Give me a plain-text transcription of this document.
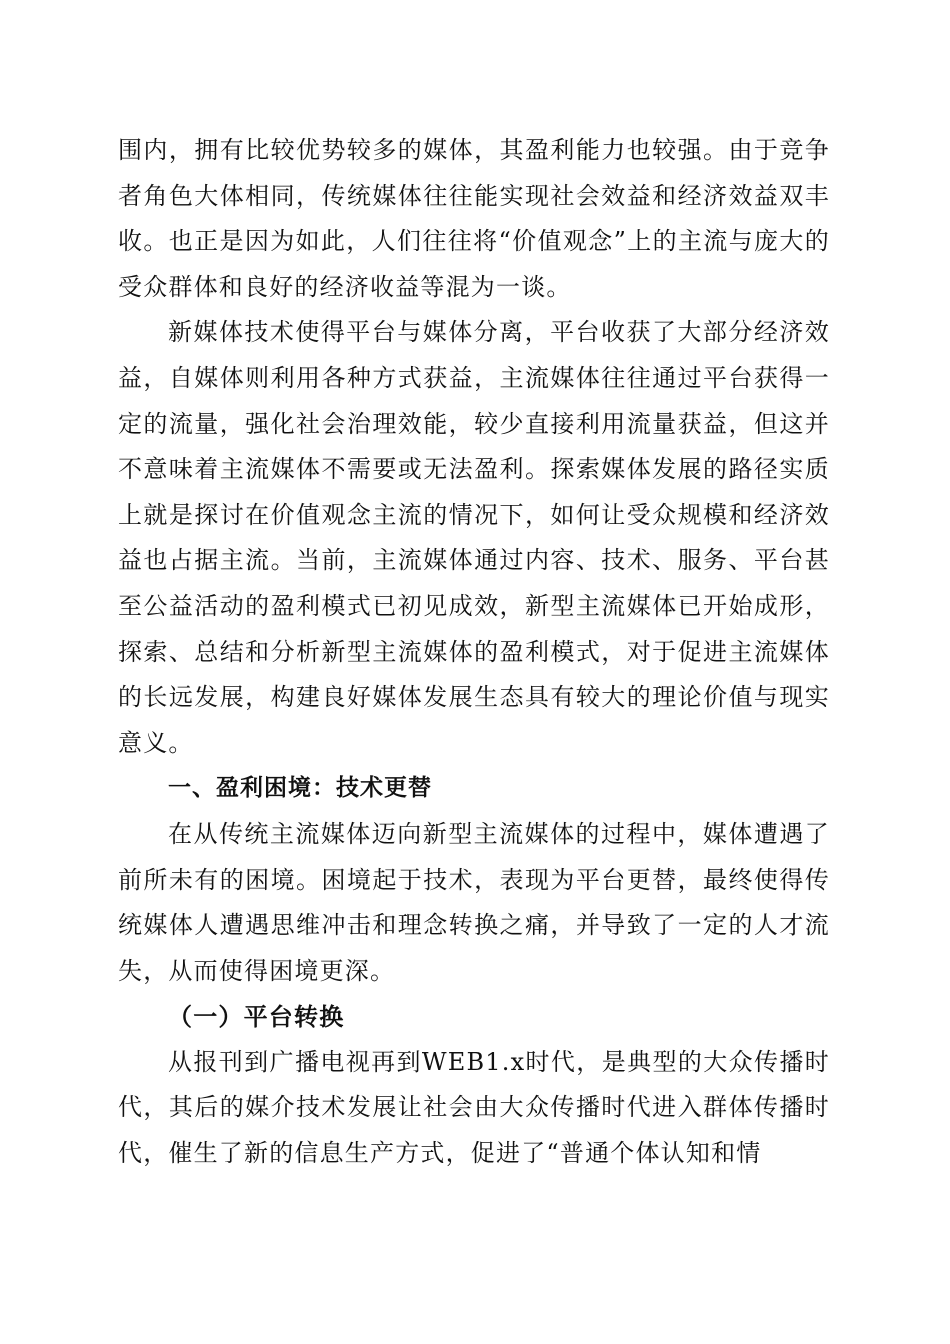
围内，拥有比较优势较多的媒体，其盈利能力也较强。由于竞争者角色大体相同，传统媒体往往能实现社会效益和经济效益双丰收。也正是因为如此，人们往往将“价值观念”上的主流与庞大的受众群体和良好的经济收益等混为一谈。

新媒体技术使得平台与媒体分离，平台收获了大部分经济效益，自媒体则利用各种方式获益，主流媒体往往通过平台获得一定的流量，强化社会治理效能，较少直接利用流量获益，但这并不意味着主流媒体不需要或无法盈利。探索媒体发展的路径实质上就是探讨在价值观念主流的情况下，如何让受众规模和经济效益也占据主流。当前，主流媒体通过内容、技术、服务、平台甚至公益活动的盈利模式已初见成效，新型主流媒体已开始成形，探索、总结和分析新型主流媒体的盈利模式，对于促进主流媒体的长远发展，构建良好媒体发展生态具有较大的理论价值与现实意义。

一、盈利困境：技术更替

在从传统主流媒体迈向新型主流媒体的过程中，媒体遭遇了前所未有的困境。困境起于技术，表现为平台更替，最终使得传统媒体人遭遇思维冲击和理念转换之痛，并导致了一定的人才流失，从而使得困境更深。

（一）平台转换

从报刊到广播电视再到WEB1.x时代，是典型的大众传播时代，其后的媒介技术发展让社会由大众传播时代进入群体传播时代，催生了新的信息生产方式，促进了“普通个体认知和情
